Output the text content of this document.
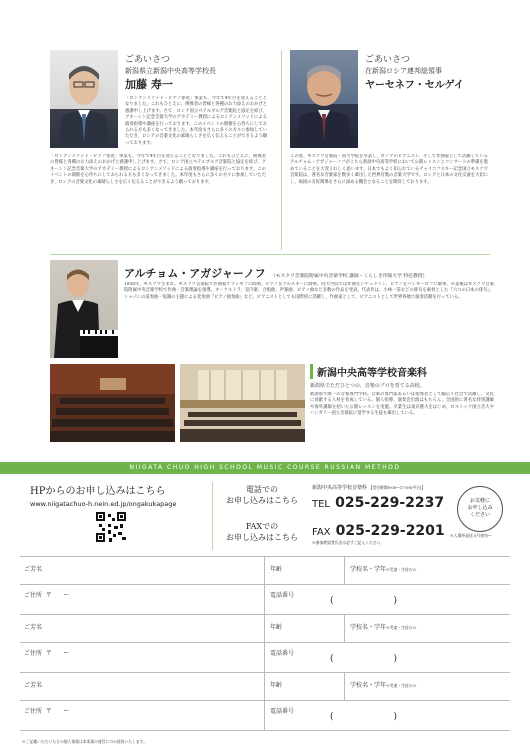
ごあいさつ
新潟県立新潟中央高等学校長
加藤 寿一
「ロシアンメソッド・ピアノ専攻」事業も、今年で4年目を迎えることとなりました。これもひとえに、関係者の皆様と各種のお力添えのおかげと感謝申し上げます。さて、ロシア国立ペテルブルグ音楽院と協定を結び、グネーシン記念音楽大学のアカデミー教授によるロシアンメソッドによる演奏指導や講座を行っております。このイベントの開催を心待ちにしておられる方も多くなってきました。本年度もさらに多くの方々に参加していただき、ロシアの音楽文化の素晴らしさを広く伝えることができるよう願っております。
「ロシアンメソッド・ピアノ専攻」事業も、今年で4年目を迎えることとなりました。これもひとえに、関係者の皆様と各種のお力添えのおかげと感謝申し上げます。さて、ロシア国立ペテルブルグ音楽院と協定を結び、グネーシン記念音楽大学のアカデミー教授によるロシアンメソッドによる演奏指導や講座を行っております。このイベントの開催を心待ちにしておられる方も多くなってきました。本年度もさらに多くの方々に参加していただき、ロシアの音楽文化の素晴らしさを広く伝えることができるよう願っております。
ごあいさつ
在新潟ロシア連邦総領事
ヤーセネフ・セルゲイ
この度、モスクワ音楽院・同大学院を卒業し、ロシアのピアニスト、そして作曲家として活躍しているアルチョム・アガジャーノフがこちら新潟中央高等学校において公開レッスンとコンサートの準備を進めていることを大変うれしく思います。日本でもよく知られているチャイコフスキー記念国立モスクワ音楽院は、著名な音楽家を数多く輩出した世界有数の音楽大学です。ロシアと日本の文化交流を大切にし、両国の友好関係をさらに深める機会となることを期待しております。
アルチョム・アガジャーノフ （モスクワ音楽院附属中央音楽学校 講師・くらしき作陽大学 特任教授）
1958年、モスクワ生まれ。モスクワ音楽院で作曲家ゲラシモフに師事。ピアノをグルスキーに師事。同大学院では作曲をシチェドリン、ピアノをバシキーロフに師事。卒業後はモスクワ音楽院附属中央音楽学校で作曲・音楽理論を指導。オーケストラ、室内楽、合唱曲、声楽曲、ピアノ曲など多数の作品を発表。代表作は、小林一茶などの俳句を素材とした『六つの日本の俳句』、ショパンの前奏曲一短調の主題による変奏曲『ピアノ独奏曲』など。ピアニストとしても国際的に活躍し、作曲家として、ピアニストとして世界各地で演奏活動を行っている。
新潟中央高等学校音楽科
新潟県でただひとつの、音楽のプロを育てる高校。
新潟県で唯一の音楽専門学科。音楽の専門家あるいは指導者として幅広く社会で活躍し、文化に貢献する人材を育成している。個人指導、演奏会出演はもちろん、全国的に著名な特別講師や海外講師を招いた公開レッスンを実施。卒業生は東京藝大をはじめ、ロストック国立音大やハンガリー国立音楽院に留学する生徒も輩出している。
NIIGATA CHUO HIGH SCHOOL MUSIC COURSE RUSSIAN METHOD
HPからのお申し込みはこちら
www.niigatachuo-h.nein.ed.jp/ongakukapage
電話での
お申し込みはこちら
FAXでの
お申し込みはこちら
新潟中央高等学校音楽科 【受付時間9:00〜17:00(平日)】
TEL 025-229-2237
FAX 025-229-2201
※参加希望者氏名は必ずご記入ください。
お気軽に
お申し込み
ください
※入場券発送 5月初旬〜
ご芳名	年齢	学校名・学年※児童・生徒のみ
ご住所 〒 ー	電話番号
(	)
ご芳名	年齢	学校名・学年※児童・生徒のみ
ご住所 〒 ー	電話番号
(	)
ご芳名	年齢	学校名・学年※児童・生徒のみ
ご住所 〒 ー	電話番号
(	)
※ご記載いただいた方の個人情報は本事業の運営にのみ使用いたします。
